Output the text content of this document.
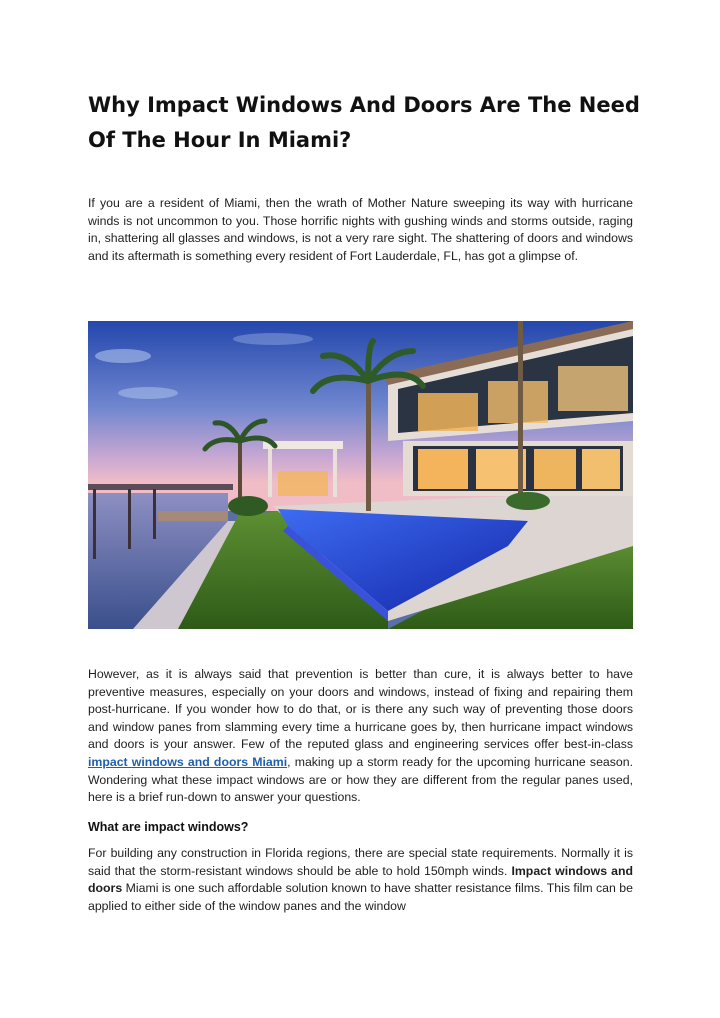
Why Impact Windows And Doors Are The Need Of The Hour In Miami?

If you are a resident of Miami, then the wrath of Mother Nature sweeping its way with hurricane winds is not uncommon to you. Those horrific nights with gushing winds and storms outside, raging in, shattering all glasses and windows, is not a very rare sight. The shattering of doors and windows and its aftermath is something every resident of Fort Lauderdale, FL, has got a glimpse of.

However, as it is always said that prevention is better than cure, it is always better to have preventive measures, especially on your doors and windows, instead of fixing and repairing them post-hurricane. If you wonder how to do that, or is there any such way of preventing those doors and window panes from slamming every time a hurricane goes by, then hurricane impact windows and doors is your answer. Few of the reputed glass and engineering services offer best-in-class impact windows and doors Miami, making up a storm ready for the upcoming hurricane season. Wondering what these impact windows are or how they are different from the regular panes used, here is a brief run-down to answer your questions.

What are impact windows?

For building any construction in Florida regions, there are special state requirements. Normally it is said that the storm-resistant windows should be able to hold 150mph winds. Impact windows and doors Miami is one such affordable solution known to have shatter resistance films. This film can be applied to either side of the window panes and the window
